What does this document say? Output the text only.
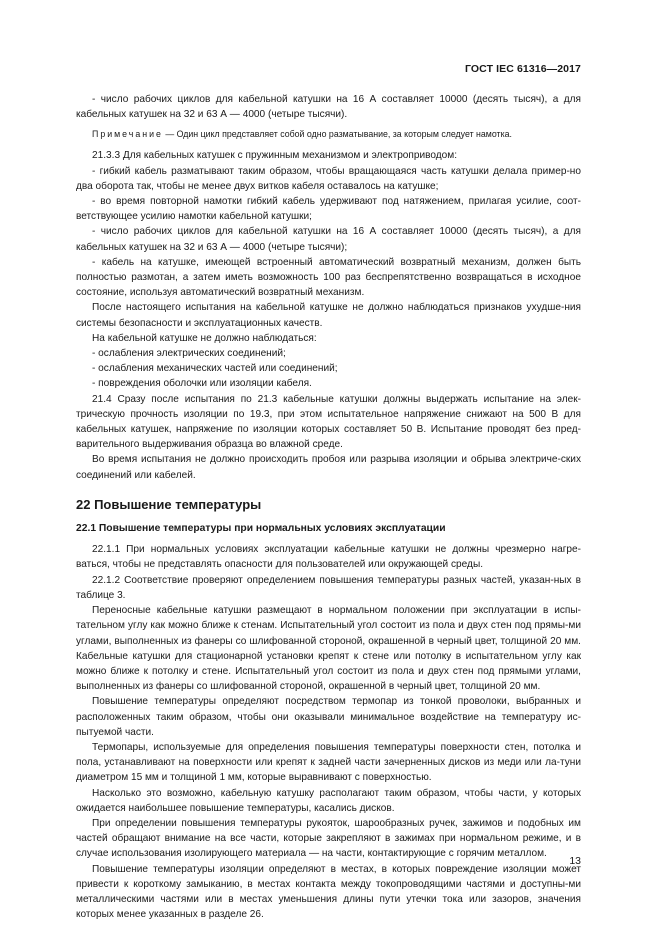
ГОСТ IEC 61316—2017

- число рабочих циклов для кабельной катушки на 16 А составляет 10000 (десять тысяч), а для кабельных катушек на 32 и 63 А — 4000 (четыре тысячи).

Примечание — Один цикл представляет собой одно разматывание, за которым следует намотка.

21.3.3 Для кабельных катушек с пружинным механизмом и электроприводом:

- гибкий кабель разматывают таким образом, чтобы вращающаяся часть катушки делала пример-но два оборота так, чтобы не менее двух витков кабеля оставалось на катушке;

- во время повторной намотки гибкий кабель удерживают под натяжением, прилагая усилие, соот-ветствующее усилию намотки кабельной катушки;

- число рабочих циклов для кабельной катушки на 16 А составляет 10000 (десять тысяч), а для кабельных катушек на 32 и 63 А — 4000 (четыре тысячи);

- кабель на катушке, имеющей встроенный автоматический возвратный механизм, должен быть полностью размотан, а затем иметь возможность 100 раз беспрепятственно возвращаться в исходное состояние, используя автоматический возвратный механизм.

После настоящего испытания на кабельной катушке не должно наблюдаться признаков ухудше-ния системы безопасности и эксплуатационных качеств.

На кабельной катушке не должно наблюдаться:

- ослабления электрических соединений;

- ослабления механических частей или соединений;

- повреждения оболочки или изоляции кабеля.

21.4 Сразу после испытания по 21.3 кабельные катушки должны выдержать испытание на элек-трическую прочность изоляции по 19.3, при этом испытательное напряжение снижают на 500 В для кабельных катушек, напряжение по изоляции которых составляет 50 В. Испытание проводят без пред-варительного выдерживания образца во влажной среде.

Во время испытания не должно происходить пробоя или разрыва изоляции и обрыва электриче-ских соединений или кабелей.

22 Повышение температуры

22.1 Повышение температуры при нормальных условиях эксплуатации

22.1.1 При нормальных условиях эксплуатации кабельные катушки не должны чрезмерно нагре-ваться, чтобы не представлять опасности для пользователей или окружающей среды.

22.1.2 Соответствие проверяют определением повышения температуры разных частей, указан-ных в таблице 3.

Переносные кабельные катушки размещают в нормальном положении при эксплуатации в испы-тательном углу как можно ближе к стенам. Испытательный угол состоит из пола и двух стен под прямы-ми углами, выполненных из фанеры со шлифованной стороной, окрашенной в черный цвет, толщиной 20 мм. Кабельные катушки для стационарной установки крепят к стене или потолку в испытательном углу как можно ближе к потолку и стене. Испытательный угол состоит из пола и двух стен под прямыми углами, выполненных из фанеры со шлифованной стороной, окрашенной в черный цвет, толщиной 20 мм.

Повышение температуры определяют посредством термопар из тонкой проволоки, выбранных и расположенных таким образом, чтобы они оказывали минимальное воздействие на температуру ис-пытуемой части.

Термопары, используемые для определения повышения температуры поверхности стен, потолка и пола, устанавливают на поверхности или крепят к задней части зачерненных дисков из меди или ла-туни диаметром 15 мм и толщиной 1 мм, которые выравнивают с поверхностью.

Насколько это возможно, кабельную катушку располагают таким образом, чтобы части, у которых ожидается наибольшее повышение температуры, касались дисков.

При определении повышения температуры рукояток, шарообразных ручек, зажимов и подобных им частей обращают внимание на все части, которые закрепляют в зажимах при нормальном режиме, и в случае использования изолирующего материала — на части, контактирующие с горячим металлом.

Повышение температуры изоляции определяют в местах, в которых повреждение изоляции может привести к короткому замыканию, в местах контакта между токопроводящими частями и доступны-ми металлическими частями или в местах уменьшения длины пути утечки тока или зазоров, значения которых менее указанных в разделе 26.

13
